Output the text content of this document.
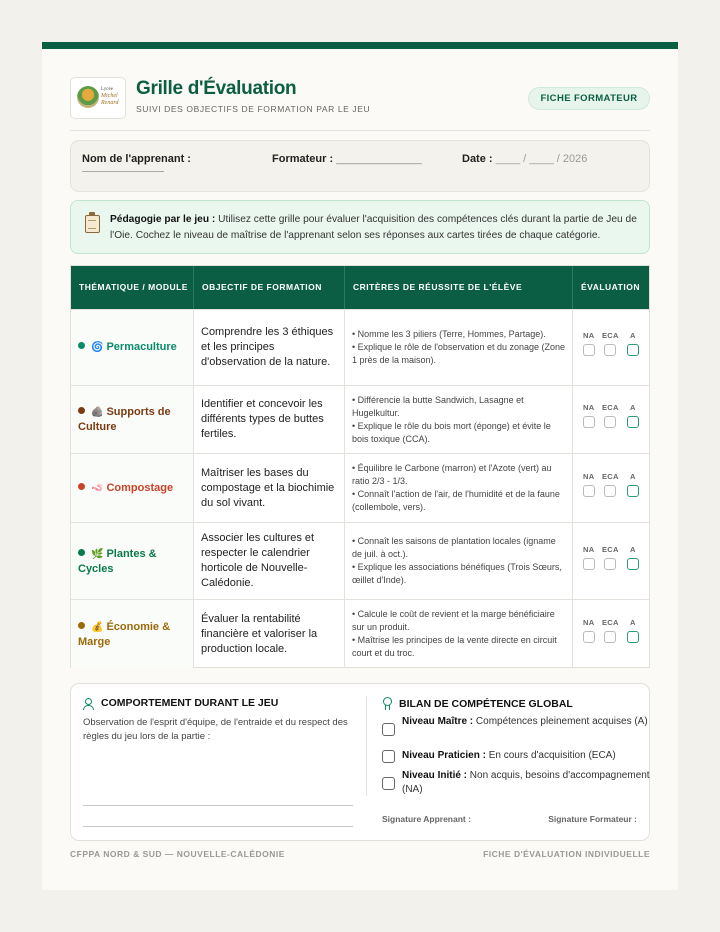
Lycée
Michel
Renard
Grille d'Évaluation
SUIVI DES OBJECTIFS DE FORMATION PAR LE JEU
FICHE FORMATEUR
Nom de l'apprenant :	Formateur : ______________	Date : ____ / ____ / 2026
Pédagogie par le jeu : Utilisez cette grille pour évaluer l'acquisition des compétences clés durant la partie de Jeu de l'Oie. Cochez le niveau de maîtrise de l'apprenant selon ses réponses aux cartes tirées de chaque catégorie.
THÉMATIQUE / MODULE	OBJECTIF DE FORMATION	CRITÈRES DE RÉUSSITE DE L'ÉLÈVE	ÉVALUATION
🌀 Permaculture
Comprendre les 3 éthiques et les principes d'observation de la nature.
• Nomme les 3 piliers (Terre, Hommes, Partage).
• Explique le rôle de l'observation et du zonage (Zone 1 près de la maison).
NA ECA A
🪨 Supports de Culture
Identifier et concevoir les différents types de buttes fertiles.
• Différencie la butte Sandwich, Lasagne et Hugelkultur.
• Explique le rôle du bois mort (éponge) et évite le bois toxique (CCA).
NA ECA A
🪱 Compostage
Maîtriser les bases du compostage et la biochimie du sol vivant.
• Équilibre le Carbone (marron) et l'Azote (vert) au ratio 2/3 - 1/3.
• Connaît l'action de l'air, de l'humidité et de la faune (collembole, vers).
NA ECA A
🌿 Plantes & Cycles
Associer les cultures et respecter le calendrier horticole de Nouvelle-Calédonie.
• Connaît les saisons de plantation locales (igname de juil. à oct.).
• Explique les associations bénéfiques (Trois Sœurs, œillet d'Inde).
NA ECA A
💰 Économie & Marge
Évaluer la rentabilité financière et valoriser la production locale.
• Calcule le coût de revient et la marge bénéficiaire sur un produit.
• Maîtrise les principes de la vente directe en circuit court et du troc.
NA ECA A
COMPORTEMENT DURANT LE JEU
Observation de l'esprit d'équipe, de l'entraide et du respect des règles du jeu lors de la partie :
BILAN DE COMPÉTENCE GLOBAL
Niveau Maître : Compétences pleinement acquises (A)
Niveau Praticien : En cours d'acquisition (ECA)
Niveau Initié : Non acquis, besoins d'accompagnement (NA)
Signature Apprenant :	Signature Formateur :
CFPPA NORD & SUD — NOUVELLE-CALÉDONIE	FICHE D'ÉVALUATION INDIVIDUELLE
